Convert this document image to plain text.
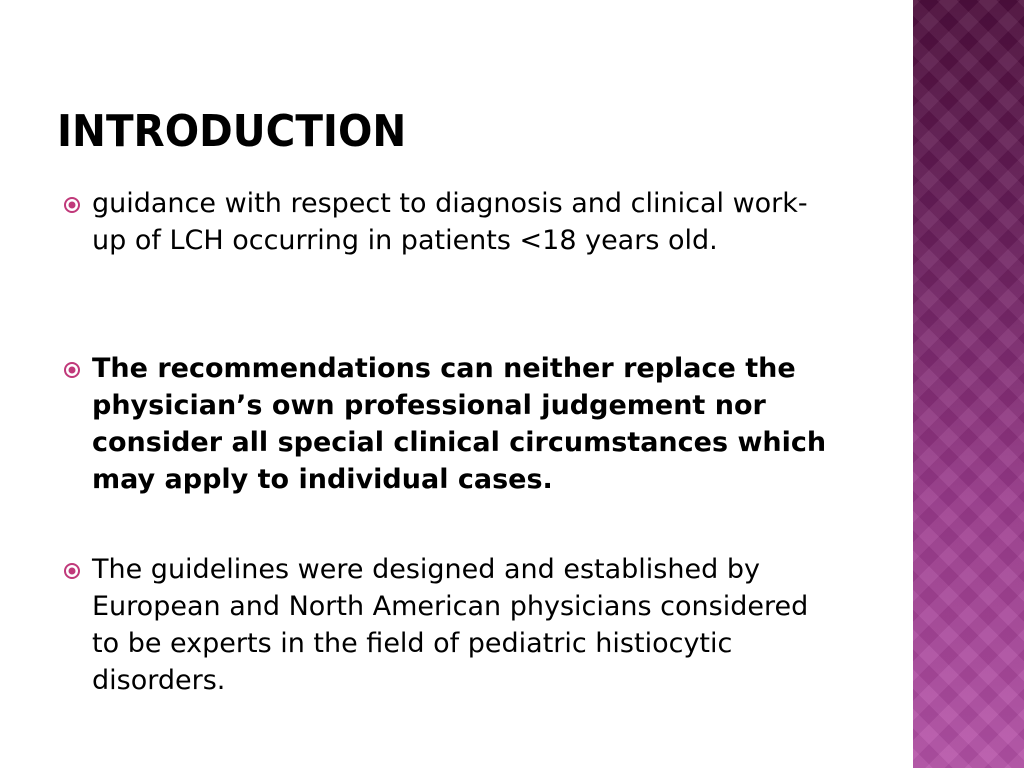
INTRODUCTION
guidance with respect to diagnosis and clinical work-up of LCH occurring in patients <18 years old.
The recommendations can neither replace the physician’s own professional judgement nor consider all special clinical circumstances which may apply to individual cases.
The guidelines were designed and established by European and North American physicians considered to be experts in the field of pediatric histiocytic disorders.
